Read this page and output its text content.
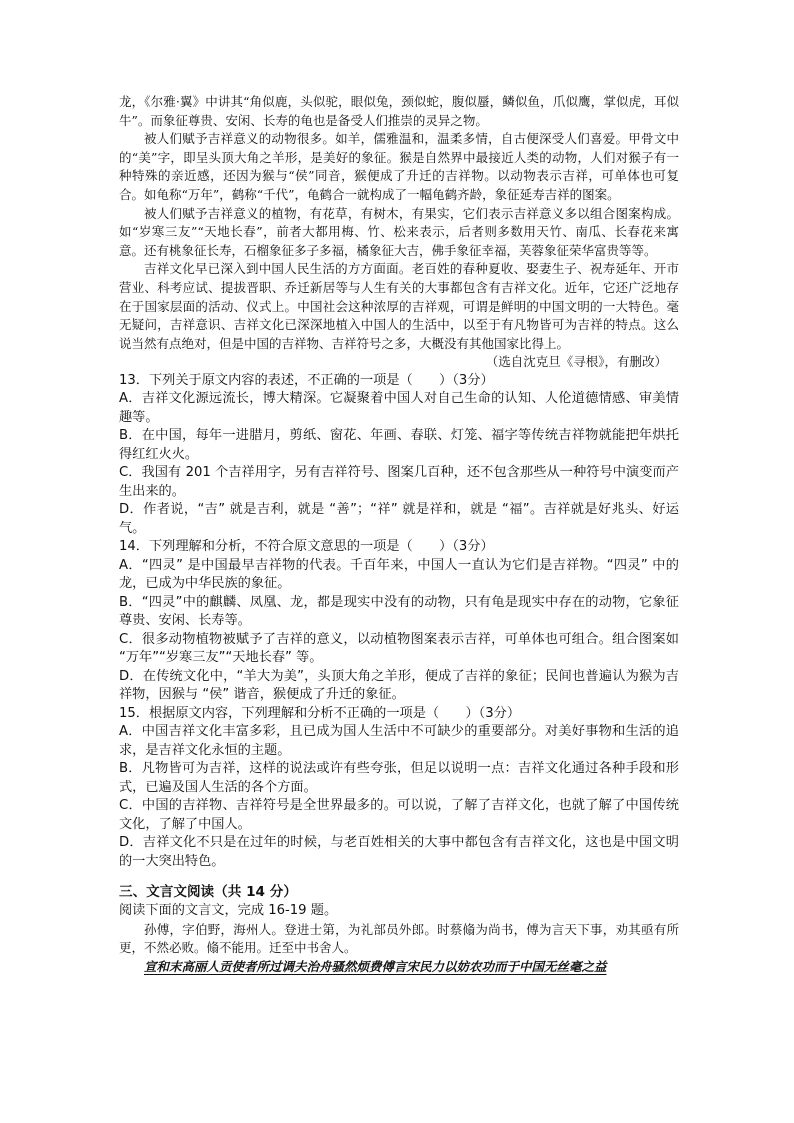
龙，《尔雅·翼》中讲其“角似鹿，头似驼，眼似兔，颈似蛇，腹似蜃，鳞似鱼，爪似鹰，掌似虎，耳似牛”。而象征尊贵、安闲、长寿的龟也是备受人们推崇的灵异之物。

被人们赋予吉祥意义的动物很多。如羊，儒雅温和，温柔多情，自古便深受人们喜爱。甲骨文中的“美”字，即呈头顶大角之羊形，是美好的象征。猴是自然界中最接近人类的动物，人们对猴子有一种特殊的亲近感，还因为猴与“侯”同音，猴便成了升迁的吉祥物。以动物表示吉祥，可单体也可复合。如龟称“万年”，鹤称“千代”，龟鹤合一就构成了一幅龟鹤齐龄，象征延寿吉祥的图案。

被人们赋予吉祥意义的植物，有花草，有树木，有果实，它们表示吉祥意义多以组合图案构成。如“岁寒三友”“天地长春”，前者大都用梅、竹、松来表示，后者则多数用天竹、南瓜、长春花来寓意。还有桃象征长寿，石榴象征多子多福，橘象征大吉，佛手象征幸福，芙蓉象征荣华富贵等等。

吉祥文化早已深入到中国人民生活的方方面面。老百姓的春种夏收、娶妻生子、祝寿延年、开市营业、科考应试、提拔晋职、乔迁新居等与人生有关的大事都包含有吉祥文化。近年，它还广泛地存在于国家层面的活动、仪式上。中国社会这种浓厚的吉祥观，可谓是鲜明的中国文明的一大特色。毫无疑问，吉祥意识、吉祥文化已深深地植入中国人的生活中，以至于有凡物皆可为吉祥的特点。这么说当然有点绝对，但是中国的吉祥物、吉祥符号之多，大概没有其他国家比得上。

（选自沈克旦《寻根》，有删改）

13．下列关于原文内容的表述，不正确的一项是（　　）（3分）

A．吉祥文化源远流长，博大精深。它凝聚着中国人对自己生命的认知、人伦道德情感、审美情趣等。

B．在中国，每年一进腊月，剪纸、窗花、年画、春联、灯笼、福字等传统吉祥物就能把年烘托得红红火火。

C．我国有 201 个吉祥用字，另有吉祥符号、图案几百种，还不包含那些从一种符号中演变而产生出来的。

D．作者说，“吉” 就是吉利，就是 “善”；“祥” 就是祥和，就是 “福”。吉祥就是好兆头、好运气。

14．下列理解和分析，不符合原文意思的一项是（　　）（3分）

A．“四灵” 是中国最早吉祥物的代表。千百年来，中国人一直认为它们是吉祥物。“四灵” 中的龙，已成为中华民族的象征。

B．“四灵”中的麒麟、凤凰、龙，都是现实中没有的动物，只有龟是现实中存在的动物，它象征尊贵、安闲、长寿等。

C．很多动物植物被赋予了吉祥的意义，以动植物图案表示吉祥，可单体也可组合。组合图案如 “万年”“岁寒三友”“天地长春” 等。

D．在传统文化中，“羊大为美”，头顶大角之羊形，便成了吉祥的象征；民间也普遍认为猴为吉祥物，因猴与 “侯” 谐音，猴便成了升迁的象征。

15．根据原文内容，下列理解和分析不正确的一项是（　　）（3分）

A．中国吉祥文化丰富多彩，且已成为国人生活中不可缺少的重要部分。对美好事物和生活的追求，是吉祥文化永恒的主题。

B．凡物皆可为吉祥，这样的说法或许有些夸张，但足以说明一点：吉祥文化通过各种手段和形式，已遍及国人生活的各个方面。

C．中国的吉祥物、吉祥符号是全世界最多的。可以说，了解了吉祥文化，也就了解了中国传统文化，了解了中国人。

D．吉祥文化不只是在过年的时候，与老百姓相关的大事中都包含有吉祥文化，这也是中国文明的一大突出特色。

三、文言文阅读（共 14 分）

阅读下面的文言文，完成 16-19 题。

孙傅，字伯野，海州人。登进士第，为礼部员外郎。时蔡翛为尚书，傅为言天下事，劝其亟有所更，不然必败。翛不能用。迁至中书舍人。

宣和末高丽人贡使者所过调夫治舟骚然烦费傅言宋民力以妨农功而于中国无丝毫之益
